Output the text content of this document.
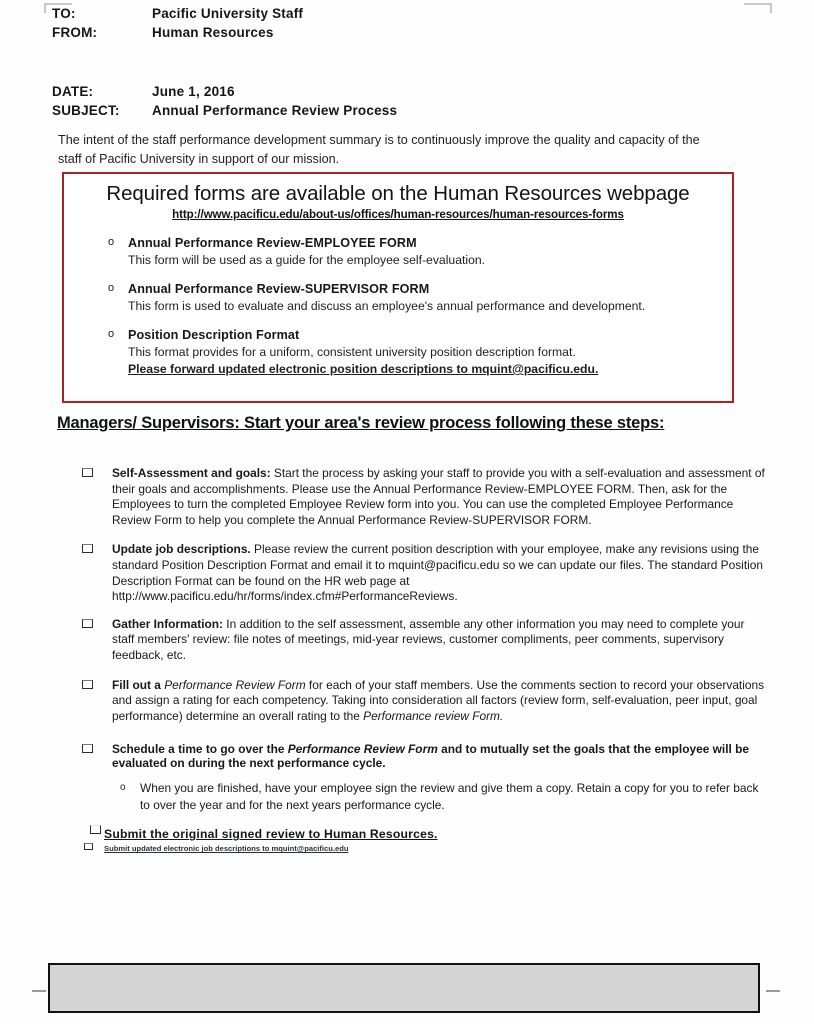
TO:	Pacific University Staff
FROM:	Human Resources
DATE:	June 1, 2016
SUBJECT:	Annual Performance Review Process
The intent of the staff performance development summary is to continuously improve the quality and capacity of the staff of Pacific University in support of our mission.
Required forms are available on the Human Resources webpage
http://www.pacificu.edu/about-us/offices/human-resources/human-resources-forms
o Annual Performance Review-EMPLOYEE FORM
This form will be used as a guide for the employee self-evaluation.
o Annual Performance Review-SUPERVISOR FORM
This form is used to evaluate and discuss an employee's annual performance and development.
o Position Description Format
This format provides for a uniform, consistent university position description format.
Please forward updated electronic position descriptions to mquint@pacificu.edu.
Managers/ Supervisors: Start your area's review process following these steps:
Self-Assessment and goals: Start the process by asking your staff to provide you with a self-evaluation and assessment of their goals and accomplishments. Please use the Annual Performance Review-EMPLOYEE FORM. Then, ask for the Employees to turn the completed Employee Review form into you. You can use the completed Employee Performance Review Form to help you complete the Annual Performance Review-SUPERVISOR FORM.
Update job descriptions. Please review the current position description with your employee, make any revisions using the standard Position Description Format and email it to mquint@pacificu.edu so we can update our files. The standard Position Description Format can be found on the HR web page at
http://www.pacificu.edu/hr/forms/index.cfm#PerformanceReviews.
Gather Information: In addition to the self assessment, assemble any other information you may need to complete your staff members' review: file notes of meetings, mid-year reviews, customer compliments, peer comments, supervisory feedback, etc.
Fill out a Performance Review Form for each of your staff members. Use the comments section to record your observations and assign a rating for each competency. Taking into consideration all factors (review form, self-evaluation, peer input, goal performance) determine an overall rating to the Performance review Form.
Schedule a time to go over the Performance Review Form and to mutually set the goals that the employee will be evaluated on during the next performance cycle.
o When you are finished, have your employee sign the review and give them a copy. Retain a copy for you to refer back to over the year and for the next years performance cycle.
Submit the original signed review to Human Resources.
Submit updated electronic job descriptions to mquint@pacificu.edu
